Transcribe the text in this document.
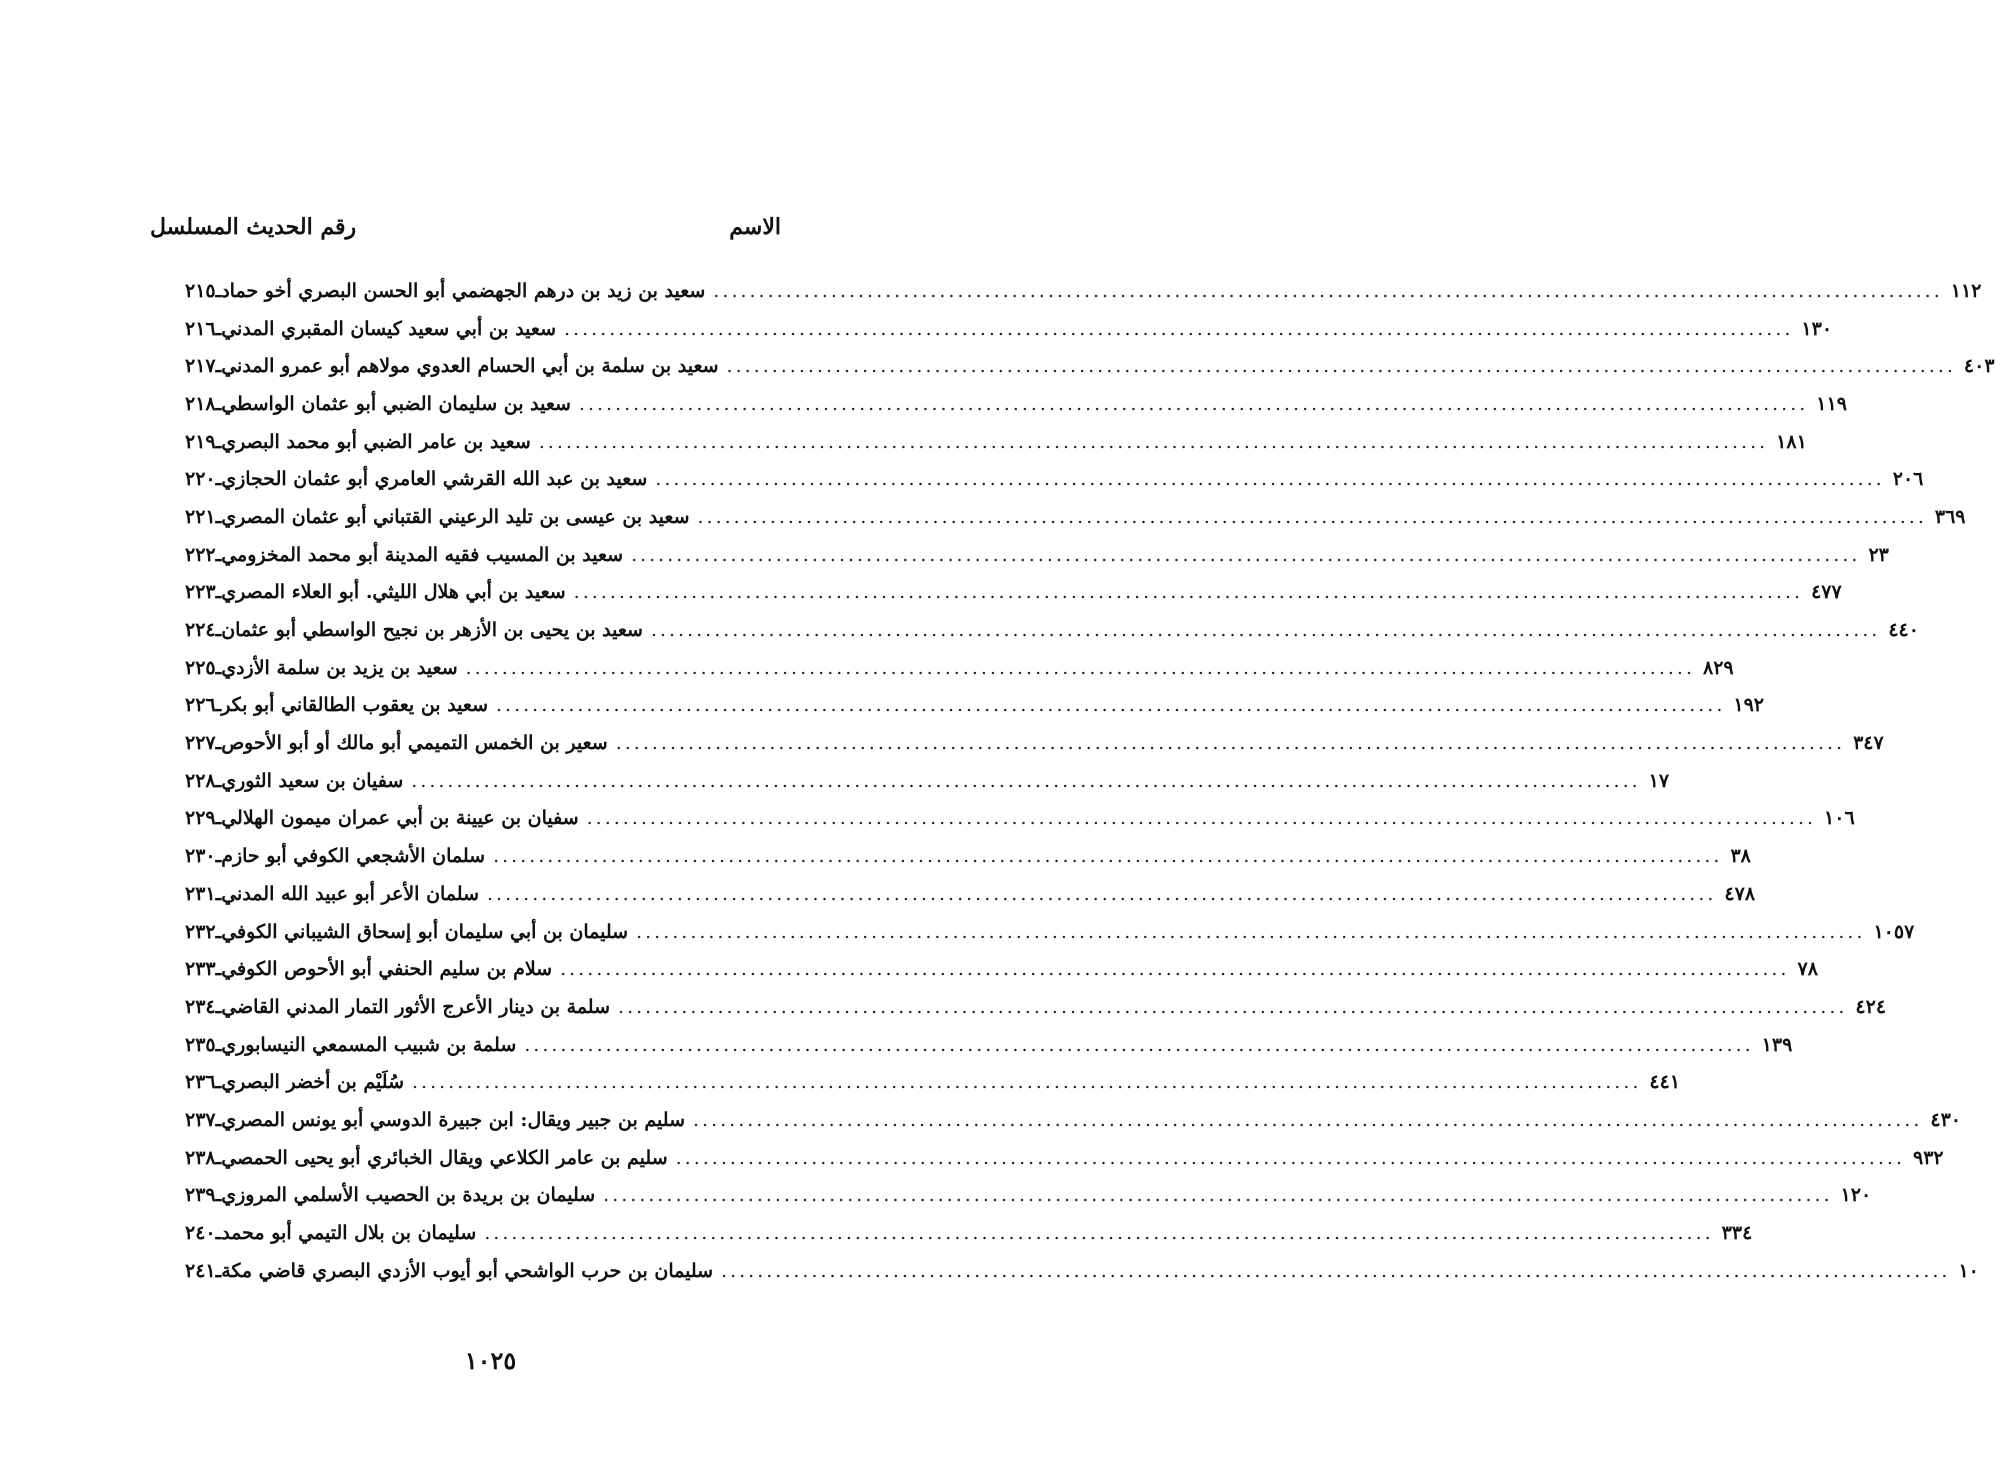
الاسم
رقم الحديث المسلسل
٢١٥ ـ سعيد بن زيد بن درهم الجهضمي أبو الحسن البصري أخو حماد ........................................................................................................................................ ١١٢
٢١٦ ـ سعيد بن أبي سعيد كيسان المقبري المدني ........................................................................................................................................ ١٣٠
٢١٧ ـ سعيد بن سلمة بن أبي الحسام العدوي مولاهم أبو عمرو المدني ........................................................................................................................................ ٤٠٣
٢١٨ ـ سعيد بن سليمان الضبي أبو عثمان الواسطي ........................................................................................................................................ ١١٩
٢١٩ ـ سعيد بن عامر الضبي أبو محمد البصري ........................................................................................................................................ ١٨١
٢٢٠ ـ سعيد بن عبد الله القرشي العامري أبو عثمان الحجازي ........................................................................................................................................ ٢٠٦
٢٢١ ـ سعيد بن عيسى بن تليد الرعيني القتباني أبو عثمان المصري ........................................................................................................................................ ٣٦٩
٢٢٢ ـ سعيد بن المسيب فقيه المدينة أبو محمد المخزومي ........................................................................................................................................ ٢٣
٢٢٣ ـ سعيد بن أبي هلال الليثي. أبو العلاء المصري ........................................................................................................................................ ٤٧٧
٢٢٤ ـ سعيد بن يحيى بن الأزهر بن نجيح الواسطي أبو عثمان ........................................................................................................................................ ٤٤٠
٢٢٥ ـ سعيد بن يزيد بن سلمة الأزدي ........................................................................................................................................ ٨٢٩
٢٢٦ ـ سعيد بن يعقوب الطالقاني أبو بكر ........................................................................................................................................ ١٩٢
٢٢٧ ـ سعير بن الخمس التميمي أبو مالك أو أبو الأحوص ........................................................................................................................................ ٣٤٧
٢٢٨ ـ سفيان بن سعيد الثوري ........................................................................................................................................ ١٧
٢٢٩ ـ سفيان بن عيينة بن أبي عمران ميمون الهلالي ........................................................................................................................................ ١٠٦
٢٣٠ ـ سلمان الأشجعي الكوفي أبو حازم ........................................................................................................................................ ٣٨
٢٣١ ـ سلمان الأعر أبو عبيد الله المدني ........................................................................................................................................ ٤٧٨
٢٣٢ ـ سليمان بن أبي سليمان أبو إسحاق الشيباني الكوفي ........................................................................................................................................ ١٠٥٧
٢٣٣ ـ سلام بن سليم الحنفي أبو الأحوص الكوفي ........................................................................................................................................ ٧٨
٢٣٤ ـ سلمة بن دينار الأعرج الأثور التمار المدني القاضي ........................................................................................................................................ ٤٢٤
٢٣٥ ـ سلمة بن شبيب المسمعي النيسابوري ........................................................................................................................................ ١٣٩
٢٣٦ ـ سُلَيْم بن أخضر البصري ........................................................................................................................................ ٤٤١
٢٣٧ ـ سليم بن جبير ويقال: ابن جبيرة الدوسي أبو يونس المصري ........................................................................................................................................ ٤٣٠
٢٣٨ ـ سليم بن عامر الكلاعي ويقال الخبائري أبو يحيى الحمصي ........................................................................................................................................ ٩٣٢
٢٣٩ ـ سليمان بن بريدة بن الحصيب الأسلمي المروزي ........................................................................................................................................ ١٢٠
٢٤٠ ـ سليمان بن بلال التيمي أبو محمد ........................................................................................................................................ ٣٣٤
٢٤١ ـ سليمان بن حرب الواشحي أبو أيوب الأزدي البصري قاضي مكة ........................................................................................................................................ ١٠
١٠٢٥
